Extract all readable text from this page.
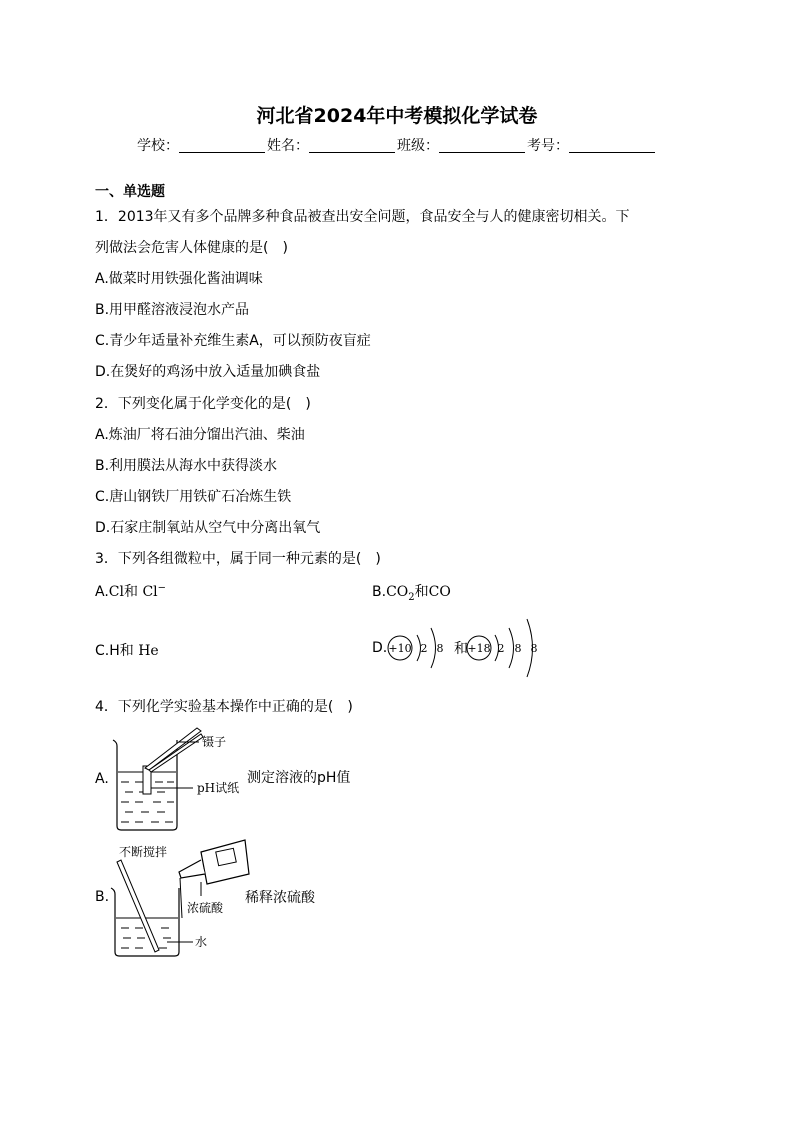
河北省2024年中考模拟化学试卷
学校：	姓名：	班级：	考号：
一、单选题
1．2013年又有多个品牌多种食品被查出安全问题，食品安全与人的健康密切相关。下
列做法会危害人体健康的是(　)
A.做菜时用铁强化酱油调味
B.用甲醛溶液浸泡水产品
C.青少年适量补充维生素A，可以预防夜盲症
D.在煲好的鸡汤中放入适量加碘食盐
2．下列变化属于化学变化的是(　)
A.炼油厂将石油分馏出汽油、柴油
B.利用膜法从海水中获得淡水
C.唐山钢铁厂用铁矿石冶炼生铁
D.石家庄制氧站从空气中分离出氧气
3．下列各组微粒中，属于同一种元素的是(　)
A.Cl和 Cl−	$B.CO_2$和CO
C.H和 He	D. +10 2 8 和 +18 2 8 8
4．下列化学实验基本操作中正确的是(　)
A.
镊子
pH试纸
测定溶液的pH值
B.
不断搅拌
浓硫酸
水
稀释浓硫酸
